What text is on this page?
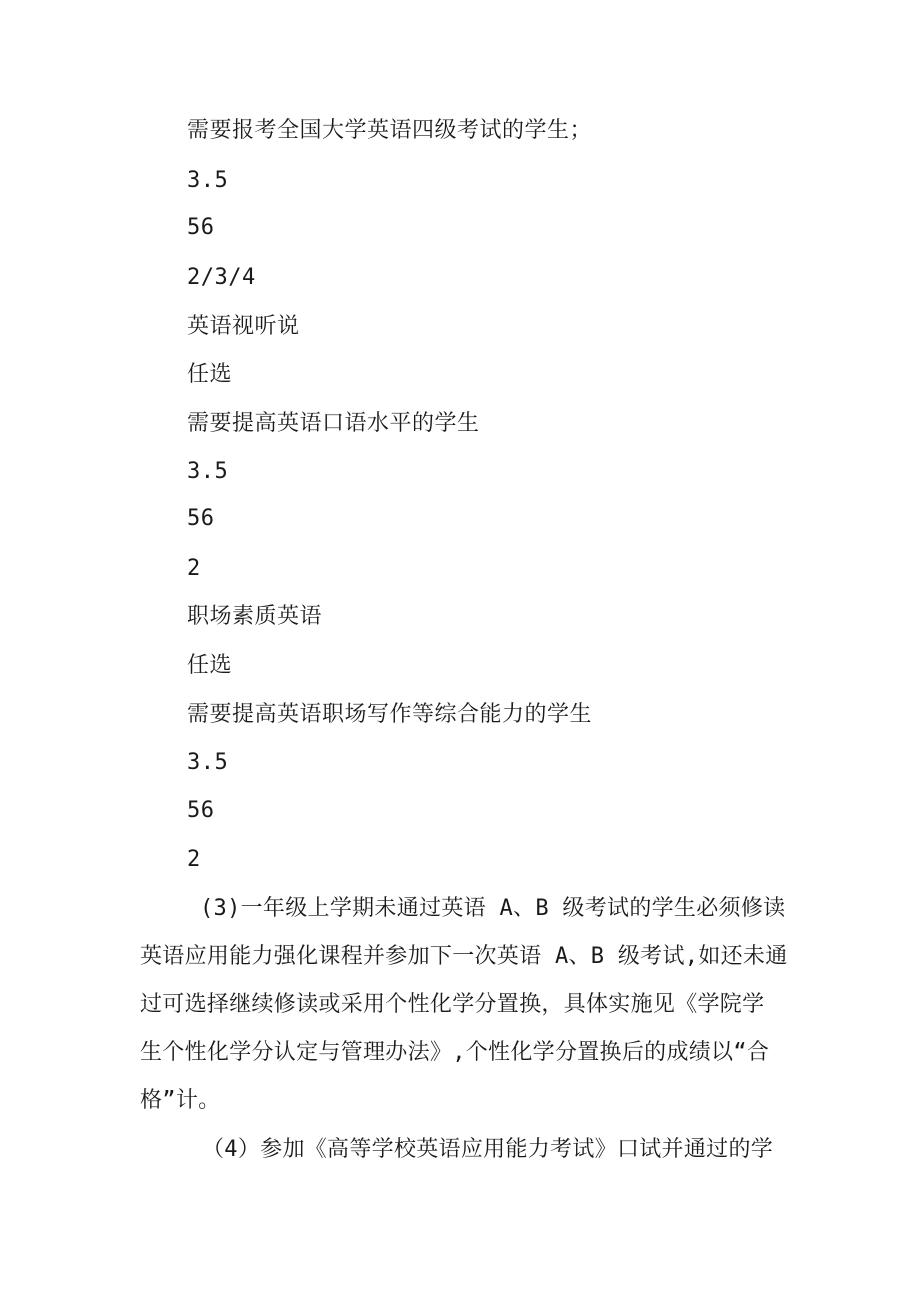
需要报考全国大学英语四级考试的学生；
3.5
56
2/3/4
英语视听说
任选
需要提高英语口语水平的学生
3.5
56
2
职场素质英语
任选
需要提高英语职场写作等综合能力的学生
3.5
56
2
(3)一年级上学期未通过英语 A、B 级考试的学生必须修读
英语应用能力强化课程并参加下一次英语 A、B 级考试,如还未通
过可选择继续修读或采用个性化学分置换，具体实施见《学院学
生个性化学分认定与管理办法》,个性化学分置换后的成绩以“合
格”计。
（4）参加《高等学校英语应用能力考试》口试并通过的学
